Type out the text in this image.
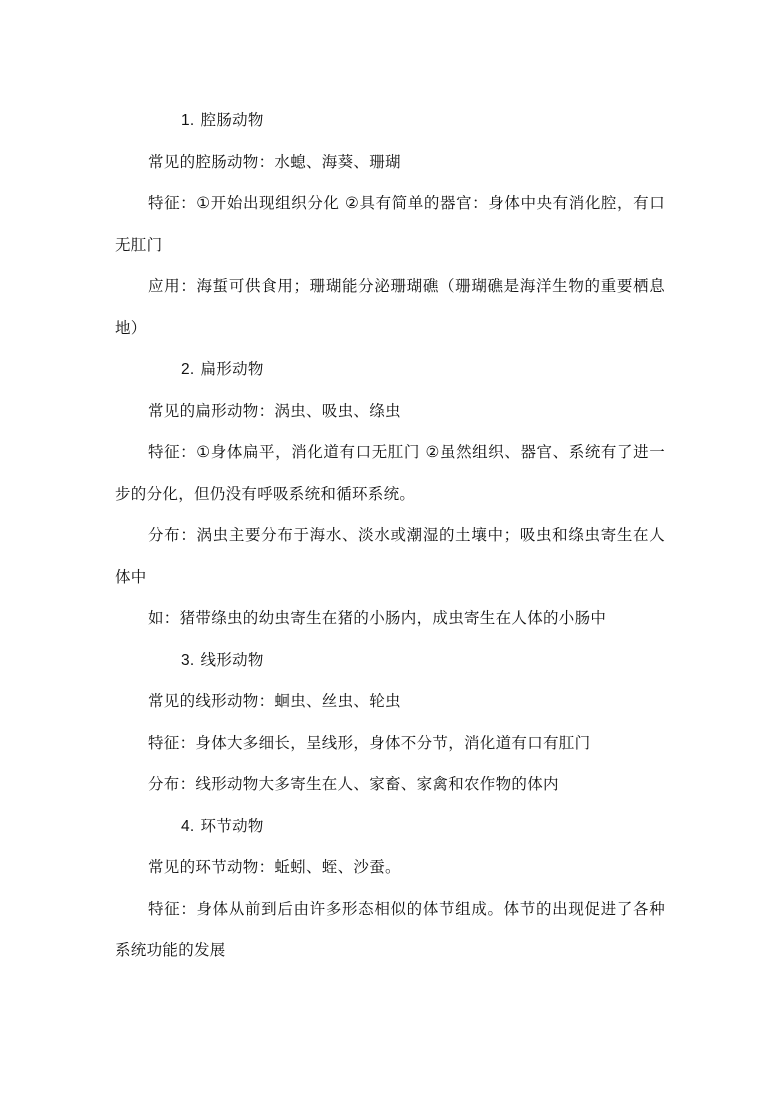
1. 腔肠动物

常见的腔肠动物：水螅、海葵、珊瑚

特征：①开始出现组织分化 ②具有简单的器官：身体中央有消化腔，有口无肛门

应用：海蜇可供食用；珊瑚能分泌珊瑚礁（珊瑚礁是海洋生物的重要栖息地）

2. 扁形动物

常见的扁形动物：涡虫、吸虫、绦虫

特征：①身体扁平，消化道有口无肛门 ②虽然组织、器官、系统有了进一步的分化，但仍没有呼吸系统和循环系统。

分布：涡虫主要分布于海水、淡水或潮湿的土壤中；吸虫和绦虫寄生在人体中

如：猪带绦虫的幼虫寄生在猪的小肠内，成虫寄生在人体的小肠中

3. 线形动物

常见的线形动物：蛔虫、丝虫、轮虫

特征：身体大多细长，呈线形，身体不分节，消化道有口有肛门

分布：线形动物大多寄生在人、家畜、家禽和农作物的体内

4. 环节动物

常见的环节动物：蚯蚓、蛭、沙蚕。

特征：身体从前到后由许多形态相似的体节组成。体节的出现促进了各种系统功能的发展
